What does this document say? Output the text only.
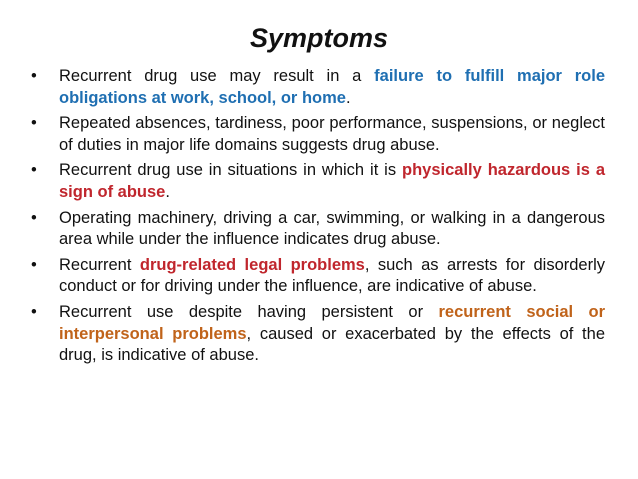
Symptoms
•	Recurrent drug use may result in a failure to fulfill major role obligations at work, school, or home.
•	Repeated absences, tardiness, poor performance, suspensions, or neglect of duties in major life domains suggests drug abuse.
•	Recurrent drug use in situations in which it is physically hazardous is a sign of abuse.
•	Operating machinery, driving a car, swimming, or walking in a dangerous area while under the influence indicates drug abuse.
•	Recurrent drug-related legal problems, such as arrests for disorderly conduct or for driving under the influence, are indicative of abuse.
•	Recurrent use despite having persistent or recurrent social or interpersonal problems, caused or exacerbated by the effects of the drug, is indicative of abuse.
